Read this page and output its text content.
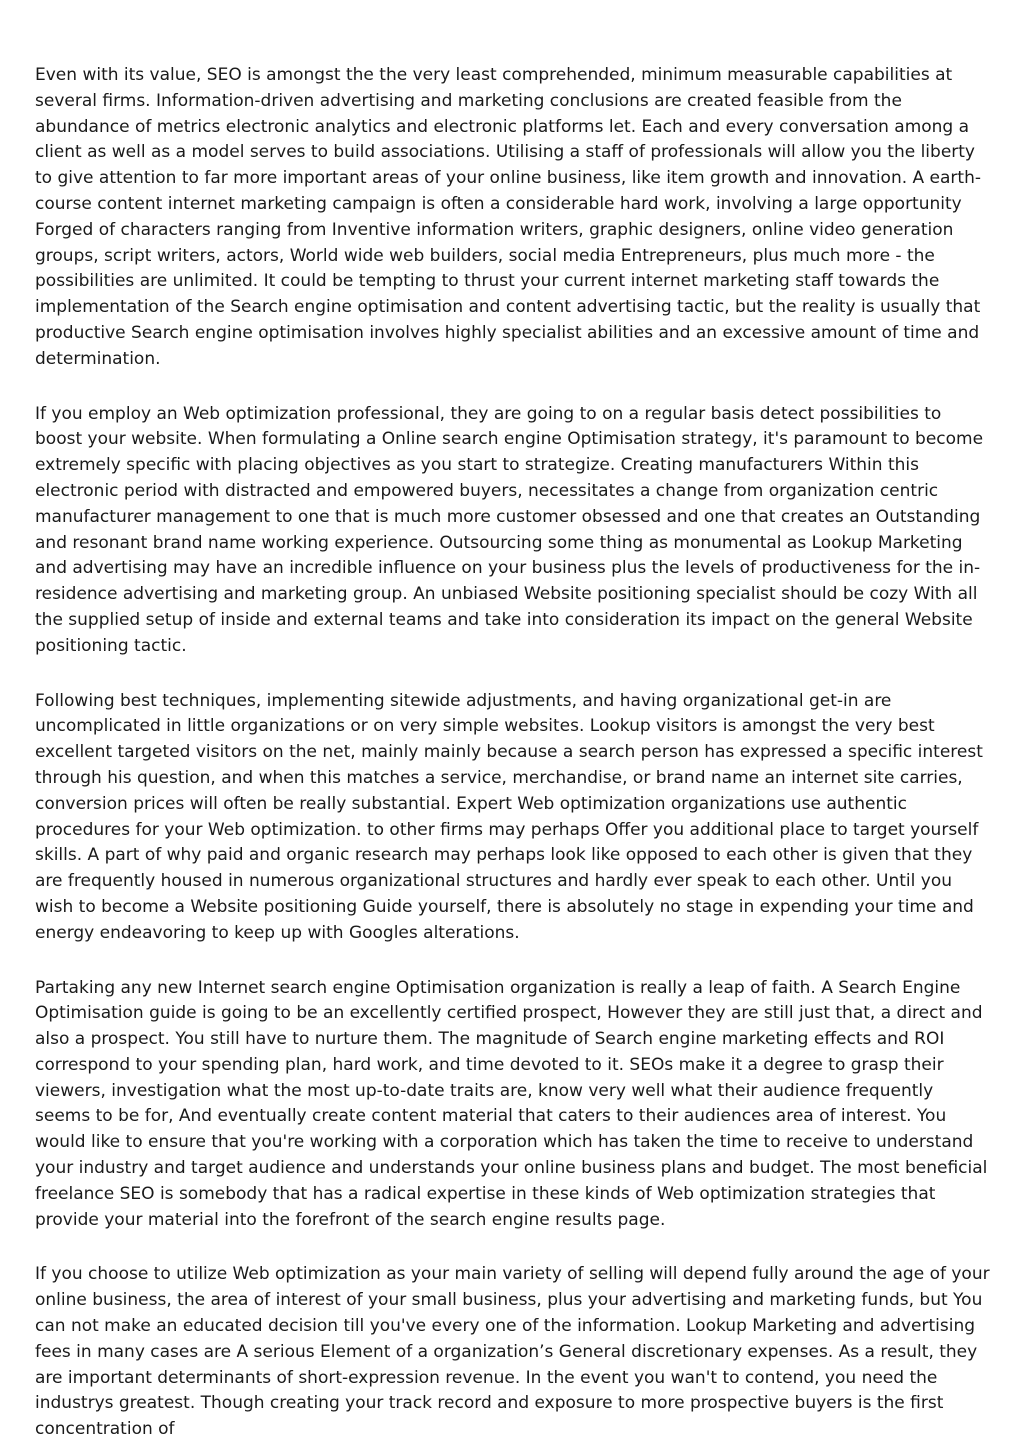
Even with its value, SEO is amongst the the very least comprehended, minimum measurable capabilities at several firms. Information-driven advertising and marketing conclusions are created feasible from the abundance of metrics electronic analytics and electronic platforms let. Each and every conversation among a client as well as a model serves to build associations. Utilising a staff of professionals will allow you the liberty to give attention to far more important areas of your online business, like item growth and innovation. A earth-course content internet marketing campaign is often a considerable hard work, involving a large opportunity Forged of characters ranging from Inventive information writers, graphic designers, online video generation groups, script writers, actors, World wide web builders, social media Entrepreneurs, plus much more - the possibilities are unlimited. It could be tempting to thrust your current internet marketing staff towards the implementation of the Search engine optimisation and content advertising tactic, but the reality is usually that productive Search engine optimisation involves highly specialist abilities and an excessive amount of time and determination.

If you employ an Web optimization professional, they are going to on a regular basis detect possibilities to boost your website. When formulating a Online search engine Optimisation strategy, it's paramount to become extremely specific with placing objectives as you start to strategize. Creating manufacturers Within this electronic period with distracted and empowered buyers, necessitates a change from organization centric manufacturer management to one that is much more customer obsessed and one that creates an Outstanding and resonant brand name working experience. Outsourcing some thing as monumental as Lookup Marketing and advertising may have an incredible influence on your business plus the levels of productiveness for the in-residence advertising and marketing group. An unbiased Website positioning specialist should be cozy With all the supplied setup of inside and external teams and take into consideration its impact on the general Website positioning tactic.

Following best techniques, implementing sitewide adjustments, and having organizational get-in are uncomplicated in little organizations or on very simple websites. Lookup visitors is amongst the very best excellent targeted visitors on the net, mainly mainly because a search person has expressed a specific interest through his question, and when this matches a service, merchandise, or brand name an internet site carries, conversion prices will often be really substantial. Expert Web optimization organizations use authentic procedures for your Web optimization. to other firms may perhaps Offer you additional place to target yourself skills. A part of why paid and organic research may perhaps look like opposed to each other is given that they are frequently housed in numerous organizational structures and hardly ever speak to each other. Until you wish to become a Website positioning Guide yourself, there is absolutely no stage in expending your time and energy endeavoring to keep up with Googles alterations.

Partaking any new Internet search engine Optimisation organization is really a leap of faith. A Search Engine Optimisation guide is going to be an excellently certified prospect, However they are still just that, a direct and also a prospect. You still have to nurture them. The magnitude of Search engine marketing effects and ROI correspond to your spending plan, hard work, and time devoted to it. SEOs make it a degree to grasp their viewers, investigation what the most up-to-date traits are, know very well what their audience frequently seems to be for, And eventually create content material that caters to their audiences area of interest. You would like to ensure that you're working with a corporation which has taken the time to receive to understand your industry and target audience and understands your online business plans and budget. The most beneficial freelance SEO is somebody that has a radical expertise in these kinds of Web optimization strategies that provide your material into the forefront of the search engine results page.

If you choose to utilize Web optimization as your main variety of selling will depend fully around the age of your online business, the area of interest of your small business, plus your advertising and marketing funds, but You can not make an educated decision till you've every one of the information. Lookup Marketing and advertising fees in many cases are A serious Element of a organization’s General discretionary expenses. As a result, they are important determinants of short-expression revenue. In the event you wan't to contend, you need the industrys greatest. Though creating your track record and exposure to more prospective buyers is the first concentration of
